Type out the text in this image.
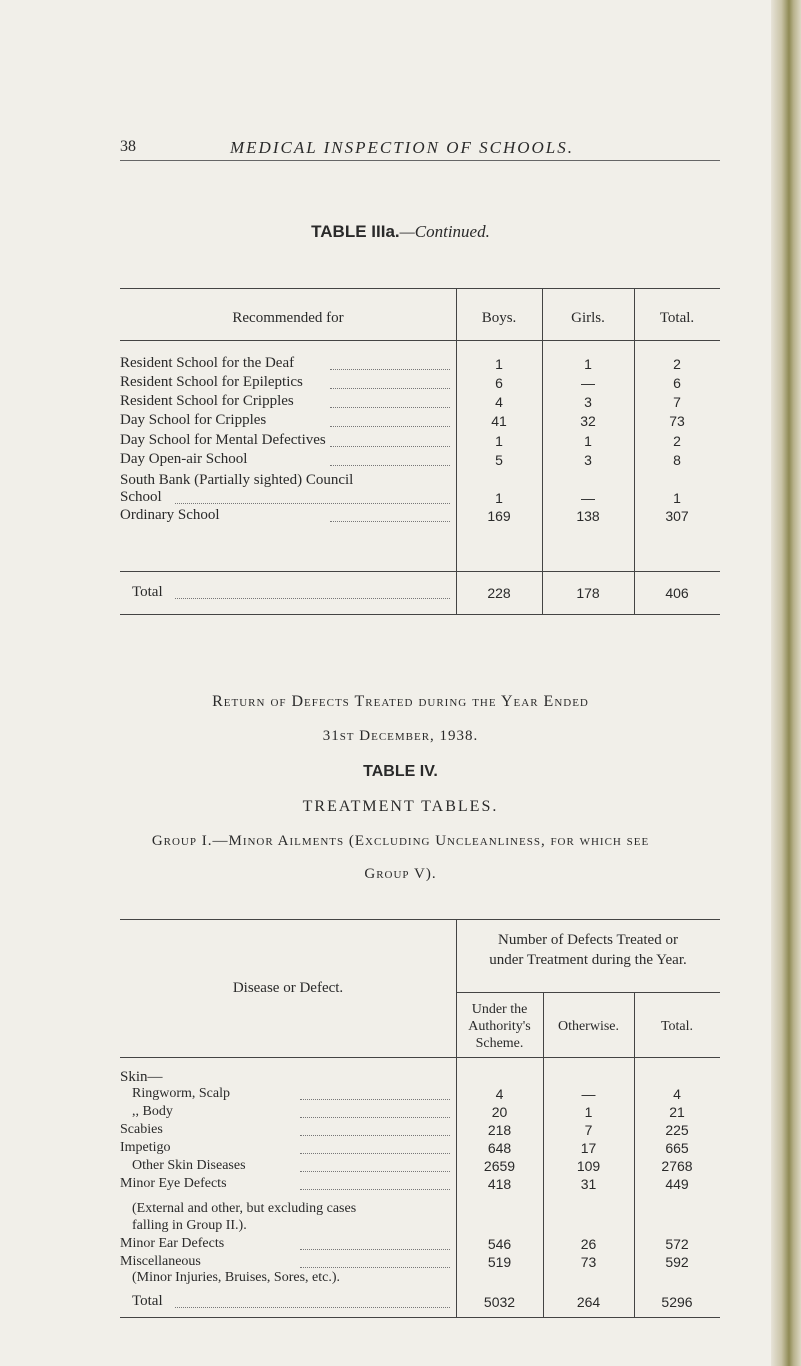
38	MEDICAL INSPECTION OF SCHOOLS.
TABLE IIIa.—Continued.
Recommended for	Boys.	Girls.	Total.
Resident School for the Deaf	1	1	2
Resident School for Epileptics	6	—	6
Resident School for Cripples	4	3	7
Day School for Cripples	41	32	73
Day School for Mental Defectives	1	1	2
Day Open-air School	5	3	8
South Bank (Partially sighted) Council
School	1	—	1
Ordinary School	169	138	307
Total	228	178	406
Return of Defects Treated during the Year Ended
31st December, 1938.
TABLE IV.
TREATMENT TABLES.
Group I.—Minor Ailments (Excluding Uncleanliness, for which see
Group V).
Disease or Defect.
Number of Defects Treated or
under Treatment during the Year.
Under the
Authority's
Scheme.
Otherwise.	Total.
Skin—
Ringworm, Scalp	4	—	4
,, Body	20	1	21
Scabies	218	7	225
Impetigo	648	17	665
Other Skin Diseases	2659	109	2768
Minor Eye Defects	418	31	449
Minor Ear Defects	546	26	572
Miscellaneous	519	73	592
Total	5032	264	5296
(External and other, but excluding cases
falling in Group II.).
(Minor Injuries, Bruises, Sores, etc.).
